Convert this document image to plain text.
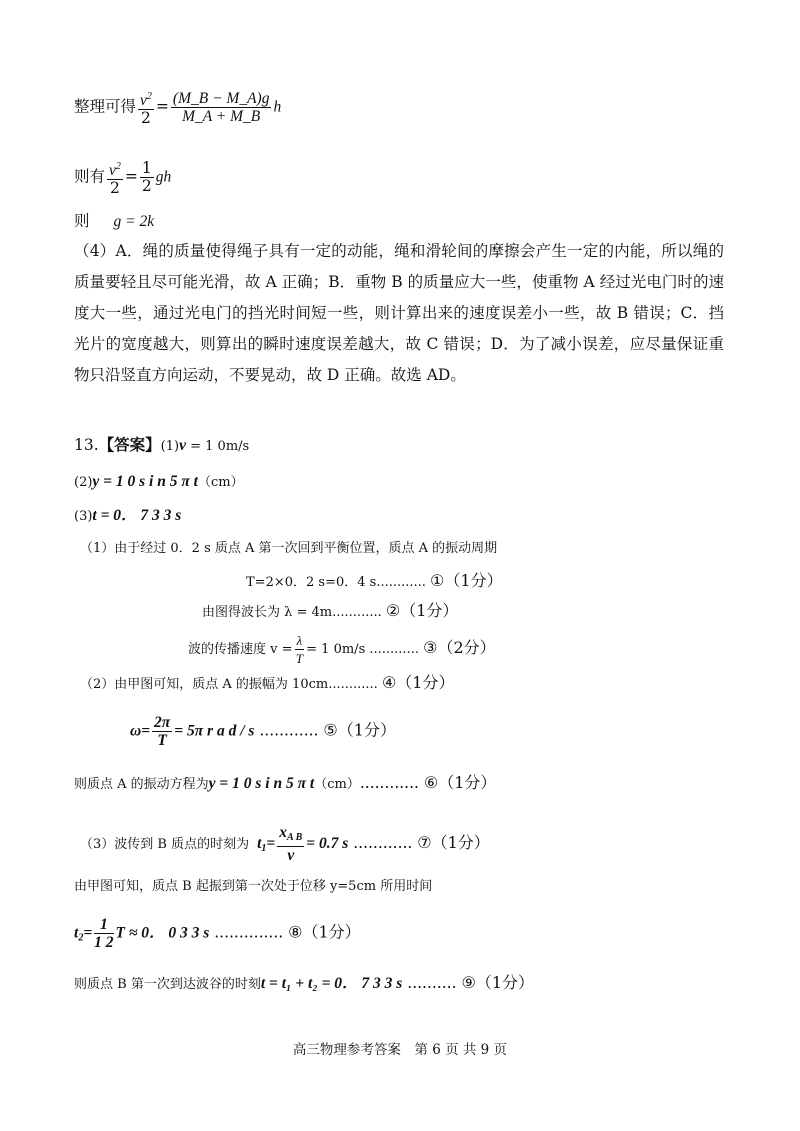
整理可得 $\frac{v^2}{2} = \frac{(M\_B - M\_A)g}{M\_A + M\_B}$ h
则有 $\frac{v^2}{2} = \frac{1}{2}$ gh
则 g = 2k
（4）A．绳的质量使得绳子具有一定的动能，绳和滑轮间的摩擦会产生一定的内能，所以绳的质量要轻且尽可能光滑，故 A 正确；B．重物 B 的质量应大一些，使重物 A 经过光电门时的速度大一些，通过光电门的挡光时间短一些，则计算出来的速度误差小一些，故 B 错误；C．挡光片的宽度越大，则算出的瞬时速度误差越大，故 C 错误；D．为了减小误差，应尽量保证重物只沿竖直方向运动，不要晃动，故 D 正确。故选 AD。
13.【答案】(1)v = 1 0m/s
(2)y = 1 0 s i n 5 π t（cm）
(3)t = 0． 7 3 3 s
（1）由于经过 0．2 s 质点 A 第一次回到平衡位置，质点 A 的振动周期
T=2×0．2 s=0．4 s............ ①（1分）
由图得波长为 λ = 4m............ ②（1分）
波的传播速度 $v = \frac{\lambda}{T} = 1$ 0m/s ............ ③（2分）
（2）由甲图可知，质点 A 的振幅为 10cm............ ④（1分）
$\omega= \frac{2\pi}{T} = 5\pi$ r a d / s ............ ⑤（1分）
则质点 A 的振动方程为y = 1 0 s i n 5 π t（cm）............ ⑥（1分）
（3）波传到 B 质点的时刻为 $t_1= \frac{x_{A B}}{v} = 0.7$ s ............ ⑦（1分）
由甲图可知，质点 B 起振到第一次处于位移 y=5cm 所用时间
$t_2= \frac{1}{1 2}$ T ≈ 0． 0 3 3 s .............. ⑧（1分）
则质点 B 第一次到达波谷的时刻t = t₁ + t₂ = 0． 7 3 3 s .......... ⑨（1分）
高三物理参考答案　第 6 页 共 9 页
